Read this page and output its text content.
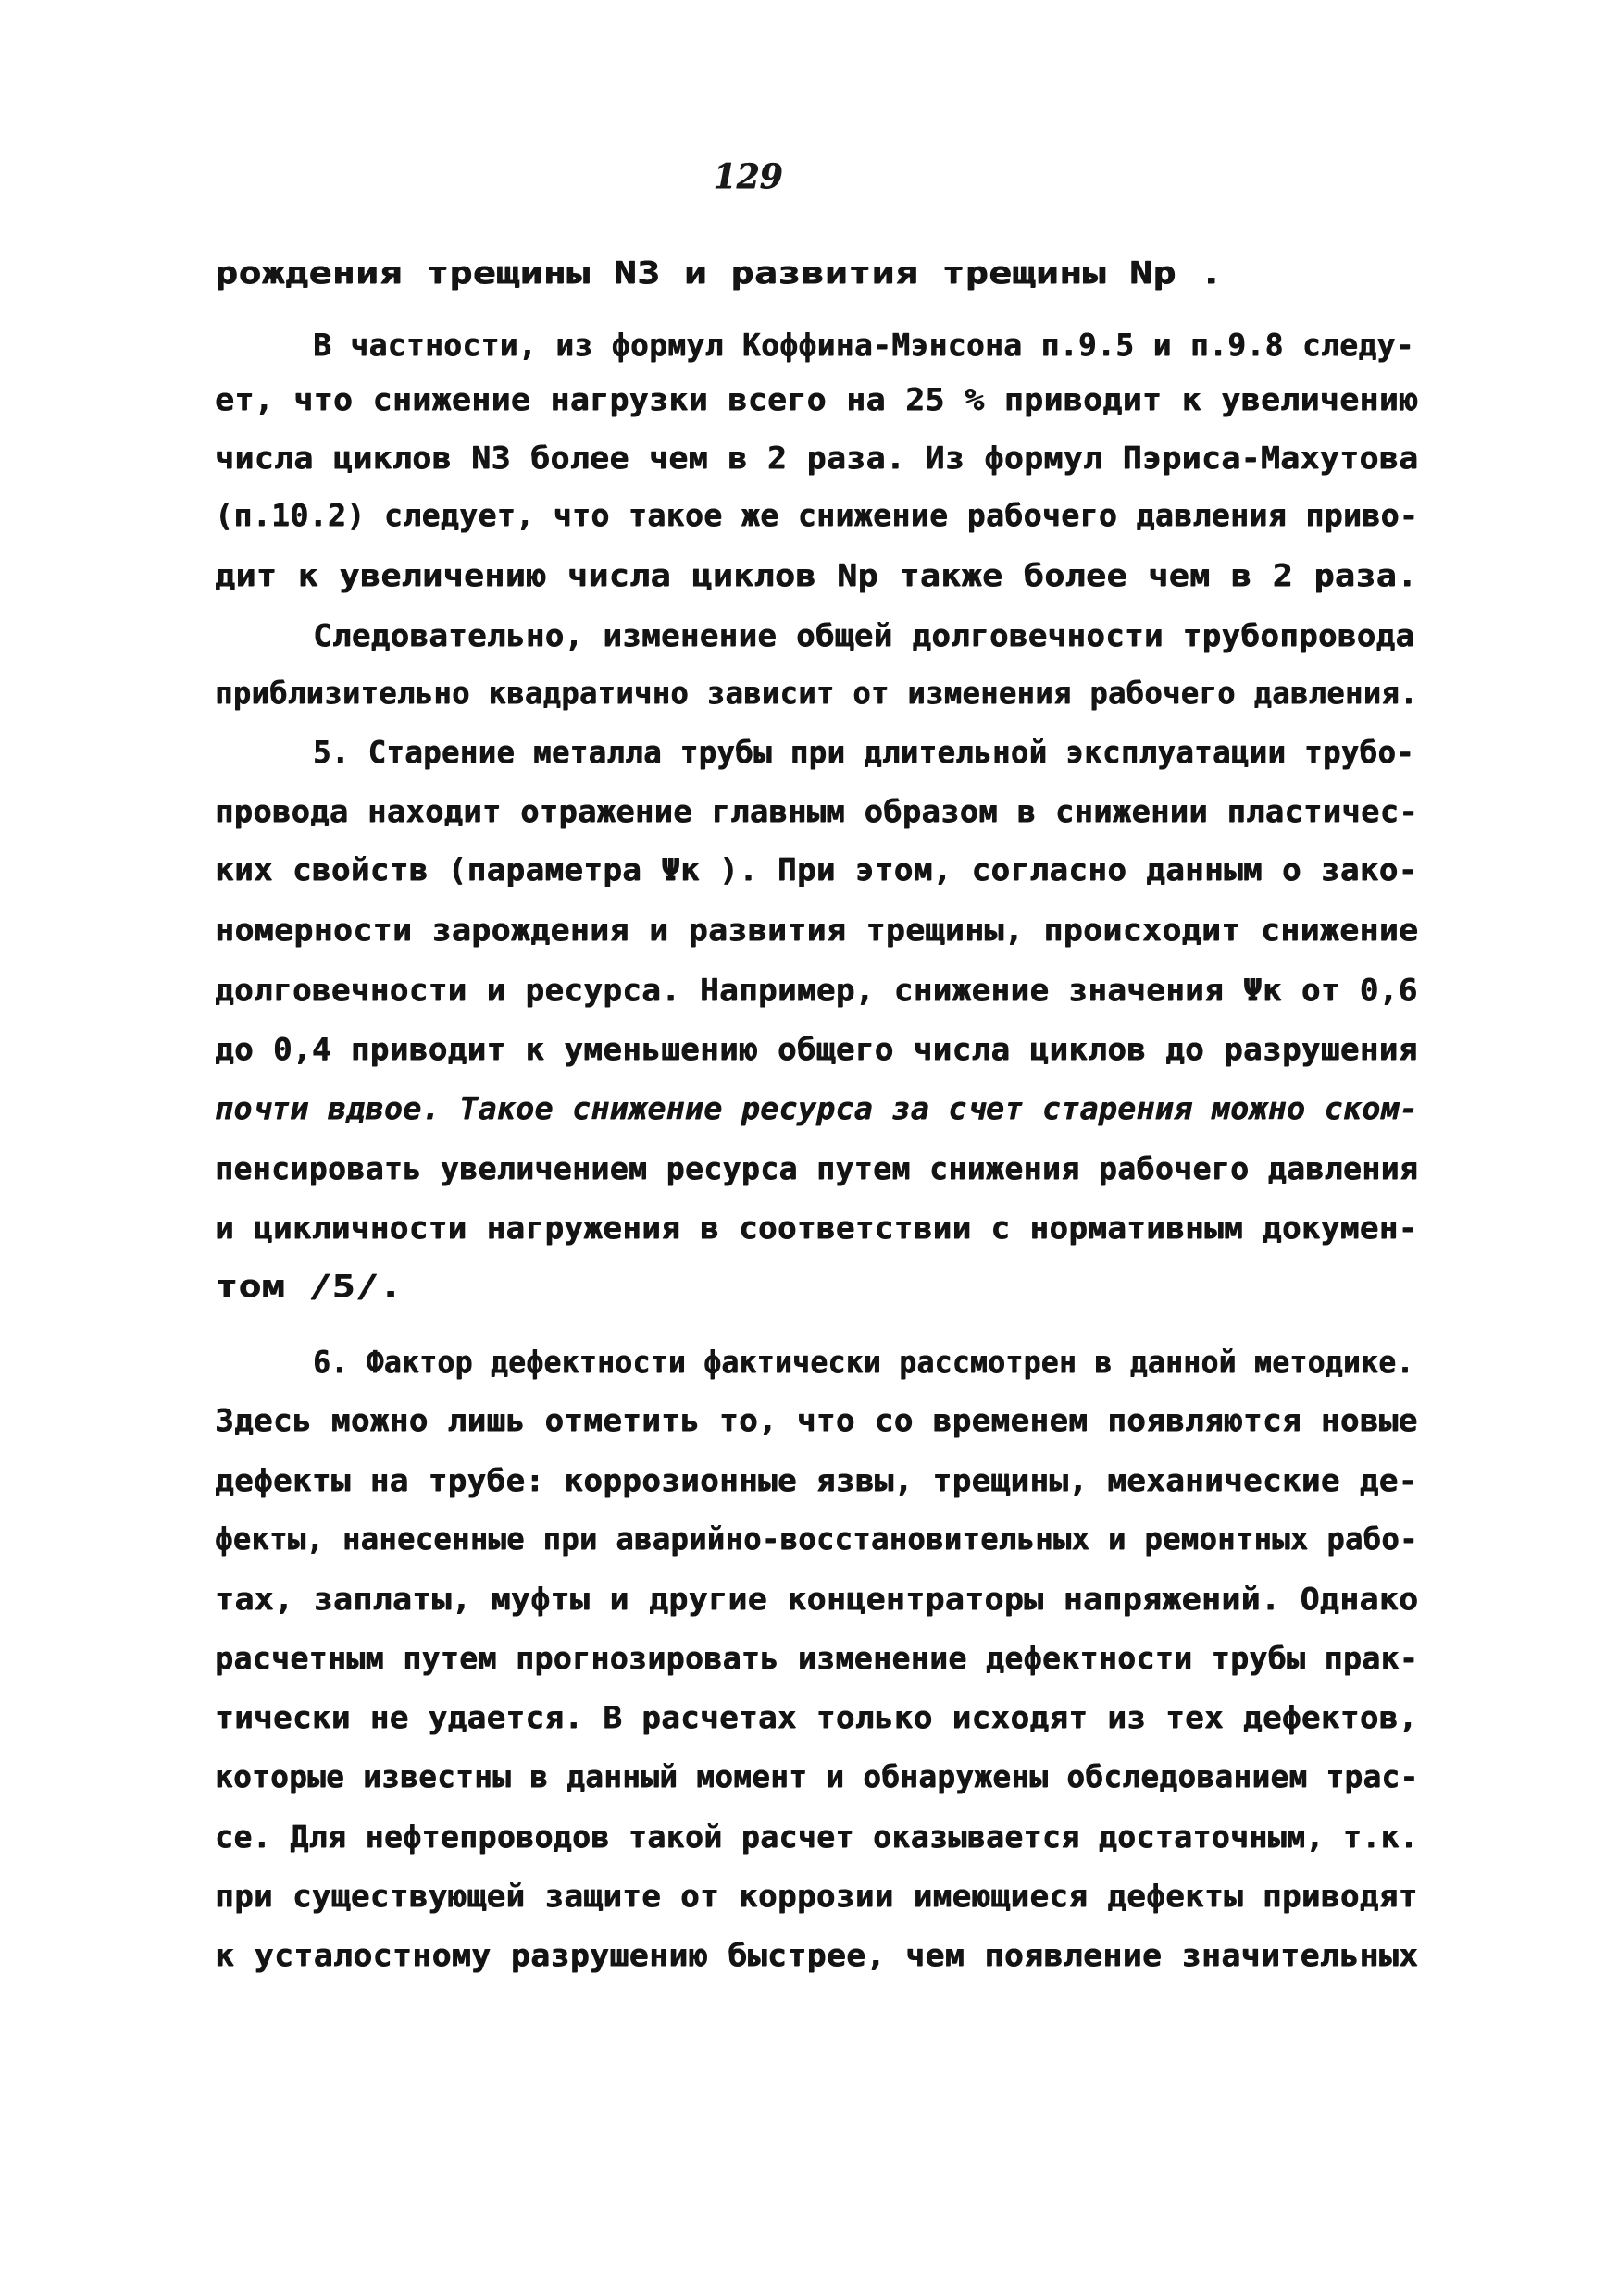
129
рождения трещины N3 и развития трещины Np .
В частности, из формул Коффина-Мэнсона п.9.5 и п.9.8 следу-
ет, что снижение нагрузки всего на 25 % приводит к увеличению
числа циклов N3 более чем в 2 раза. Из формул Пэриса-Махутова
(п.10.2) следует, что такое же снижение рабочего давления приво-
дит к увеличению числа циклов Np также более чем в 2 раза.
Следовательно, изменение общей долговечности трубопровода
приблизительно квадратично зависит от изменения рабочего давления.
5. Старение металла трубы при длительной эксплуатации трубо-
провода находит отражение главным образом в снижении пластичес-
ких свойств (параметра Ψк ). При этом, согласно данным о зако-
номерности зарождения и развития трещины, происходит снижение
долговечности и ресурса. Например, снижение значения Ψк от 0,6
до 0,4 приводит к уменьшению общего числа циклов до разрушения
почти вдвое. Такое снижение ресурса за счет старения можно ском-
пенсировать увеличением ресурса путем снижения рабочего давления
и цикличности нагружения в соответствии с нормативным докумен-
том /5/.
6. Фактор дефектности фактически рассмотрен в данной методике.
Здесь можно лишь отметить то, что со временем появляются новые
дефекты на трубе: коррозионные язвы, трещины, механические де-
фекты, нанесенные при аварийно-восстановительных и ремонтных рабо-
тах, заплаты, муфты и другие концентраторы напряжений. Однако
расчетным путем прогнозировать изменение дефектности трубы прак-
тически не удается. В расчетах только исходят из тех дефектов,
которые известны в данный момент и обнаружены обследованием трас-
се. Для нефтепроводов такой расчет оказывается достаточным, т.к.
при существующей защите от коррозии имеющиеся дефекты приводят
к усталостному разрушению быстрее, чем появление значительных
